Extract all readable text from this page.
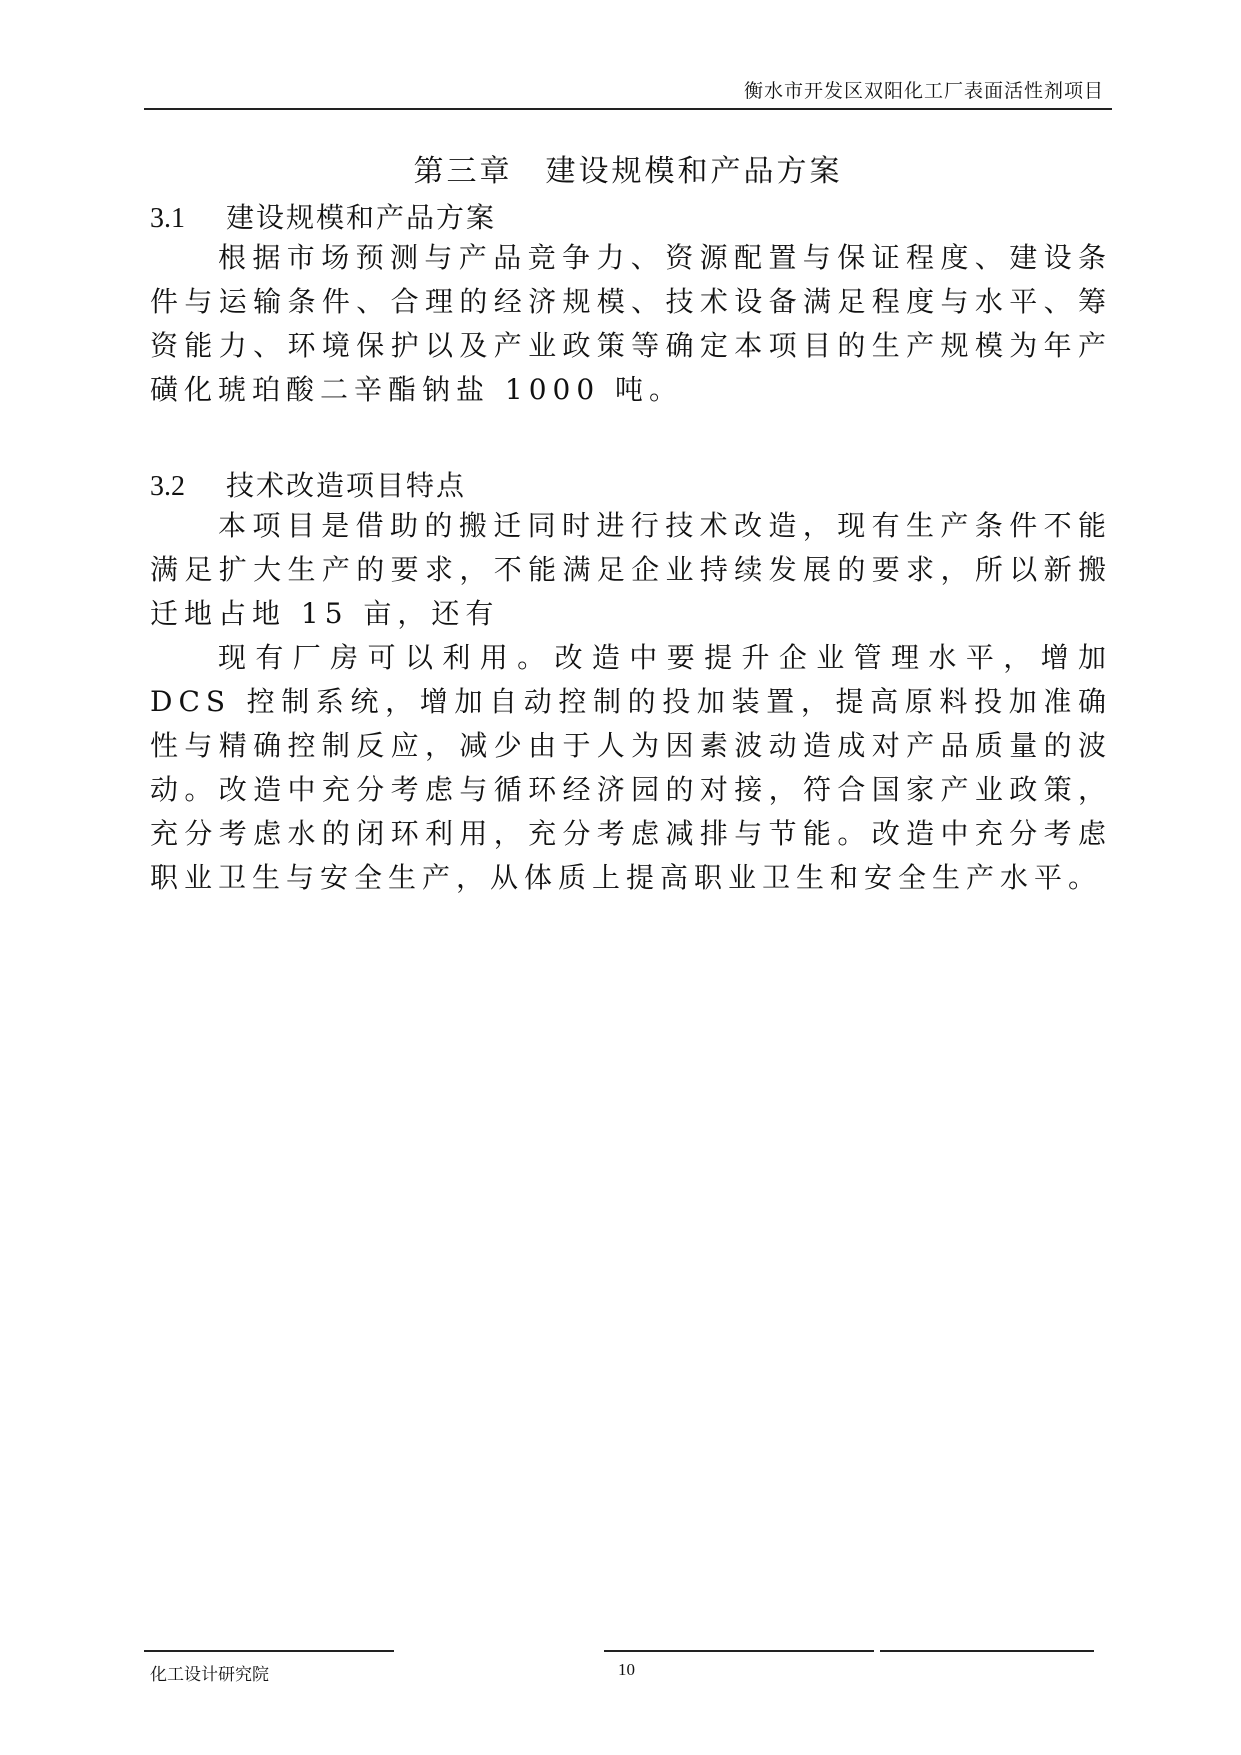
衡水市开发区双阳化工厂表面活性剂项目
第三章　建设规模和产品方案
3.1 建设规模和产品方案

根据市场预测与产品竞争力、资源配置与保证程度、建设条件与运输条件、合理的经济规模、技术设备满足程度与水平、筹资能力、环境保护以及产业政策等确定本项目的生产规模为年产磺化琥珀酸二辛酯钠盐 1000 吨。

3.2 技术改造项目特点

本项目是借助的搬迁同时进行技术改造，现有生产条件不能满足扩大生产的要求，不能满足企业持续发展的要求，所以新搬迁地占地 15 亩，还有

现有厂房可以利用。改造中要提升企业管理水平，增加 DCS 控制系统，增加自动控制的投加装置，提高原料投加准确性与精确控制反应，减少由于人为因素波动造成对产品质量的波动。改造中充分考虑与循环经济园的对接，符合国家产业政策，充分考虑水的闭环利用，充分考虑减排与节能。改造中充分考虑职业卫生与安全生产，从体质上提高职业卫生和安全生产水平。

化工设计研究院	10
